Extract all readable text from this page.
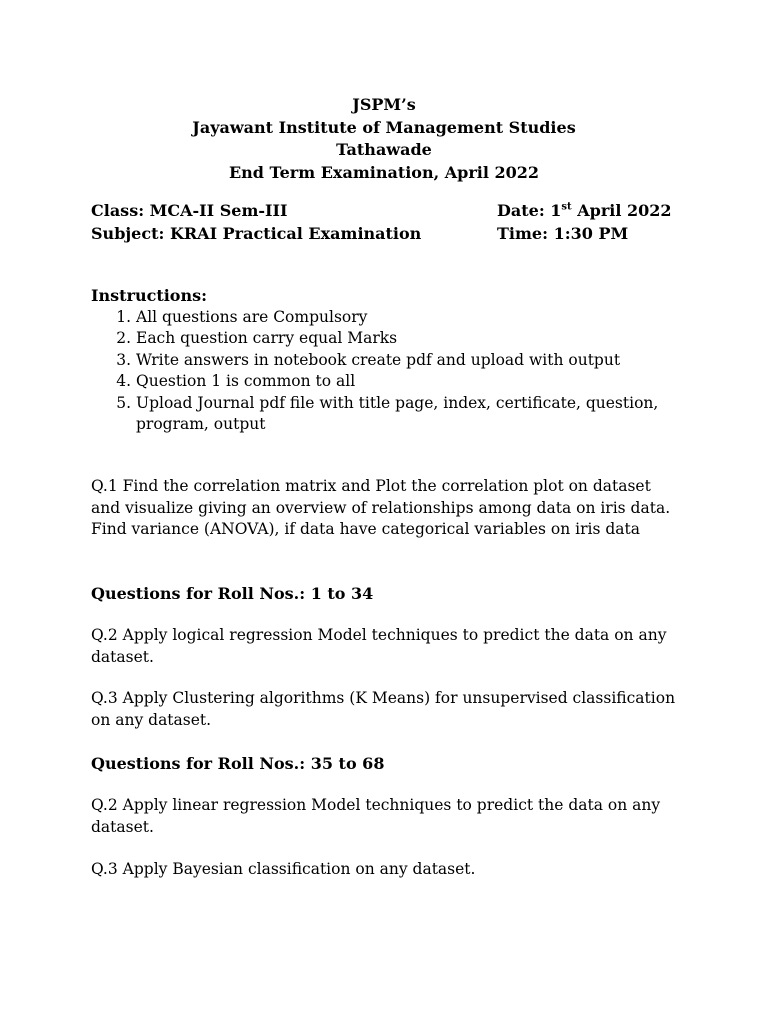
JSPM’s
Jayawant Institute of Management Studies
Tathawade
End Term Examination, April 2022
Class: MCA-II Sem-III
Subject: KRAI Practical Examination
Date: 1st April 2022
Time: 1:30 PM
Instructions:
1. All questions are Compulsory
2. Each question carry equal Marks
3. Write answers in notebook create pdf and upload with output
4. Question 1 is common to all
5. Upload Journal pdf file with title page, index, certificate, question, program, output
Q.1 Find the correlation matrix and Plot the correlation plot on dataset and visualize giving an overview of relationships among data on iris data. Find variance (ANOVA), if data have categorical variables on iris data
Questions for Roll Nos.: 1 to 34
Q.2 Apply logical regression Model techniques to predict the data on any dataset.
Q.3 Apply Clustering algorithms (K Means) for unsupervised classification on any dataset.
Questions for Roll Nos.: 35 to 68
Q.2 Apply linear regression Model techniques to predict the data on any dataset.
Q.3 Apply Bayesian classification on any dataset.
